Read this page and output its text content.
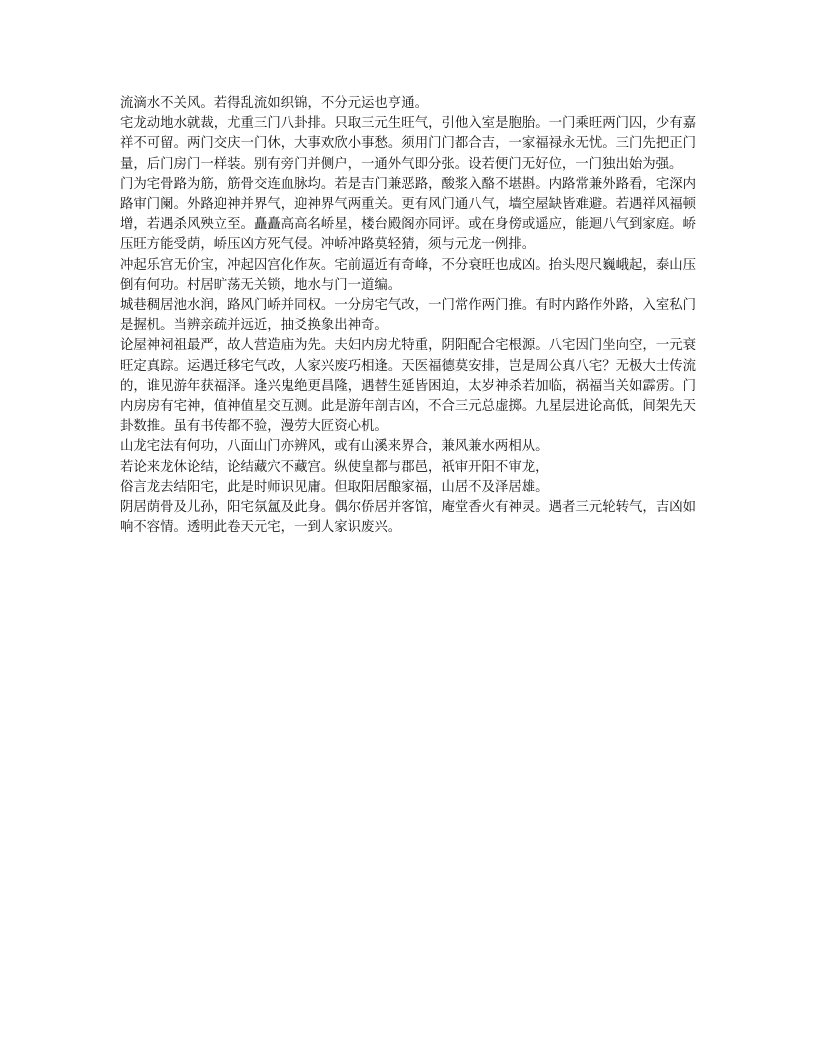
流滴水不关风。若得乱流如织锦，不分元运也亨通。

宅龙动地水就裁，尤重三门八卦排。只取三元生旺气，引他入室是胞胎。一门乘旺两门囚，少有嘉祥不可留。两门交庆一门休，大事欢欣小事愁。须用门门都合吉，一家福禄永无忧。三门先把正门量，后门房门一样装。别有旁门并侧户，一通外气即分张。设若便门无好位，一门独出始为强。

门为宅骨路为筋，筋骨交连血脉均。若是吉门兼恶路，酸浆入酪不堪斟。内路常兼外路看，宅深内路审门阑。外路迎神并界气，迎神界气两重关。更有风门通八气，墙空屋缺皆难避。若遇祥风福顿增，若遇杀风殃立至。矗矗高高名峤星，楼台殿阁亦同评。或在身傍或遥应，能迴八气到家庭。峤压旺方能受荫，峤压凶方死气侵。冲峤冲路莫轻猜，须与元龙一例排。

冲起乐宫无价宝，冲起囚宫化作灰。宅前逼近有奇峰，不分衰旺也成凶。抬头咫尺巍峨起，泰山压倒有何功。村居旷荡无关锁，地水与门一道编。

城巷稠居池水润，路风门峤并同权。一分房宅气改，一门常作两门推。有时内路作外路，入室私门是握机。当辨亲疏并远近，抽爻换象出神奇。

论屋神祠祖最严，故人营造庙为先。夫妇内房尤特重，阴阳配合宅根源。八宅因门坐向空，一元衰旺定真踪。运遇迁移宅气改，人家兴废巧相逢。天医福德莫安排，岂是周公真八宅？无极大士传流的，谁见游年获福泽。逢兴鬼绝更昌隆，遇替生延皆困迫，太岁神杀若加临，祸福当关如霹雳。门内房房有宅神，值神值星交互测。此是游年剖吉凶，不合三元总虚掷。九星层进论高低，间架先天卦数推。虽有书传都不验，漫劳大匠资心机。

山龙宅法有何功，八面山门亦辨风，或有山溪来界合，兼风兼水两相从。

若论来龙休论结，论结藏穴不藏宫。纵使皇都与郡邑，祇审开阳不审龙，

俗言龙去结阳宅，此是时师识见庸。但取阳居酿家福，山居不及泽居雄。

阴居荫骨及儿孙，阳宅氛氲及此身。偶尔侨居并客馆，庵堂香火有神灵。遇者三元轮转气，吉凶如响不容情。透明此卷天元宅，一到人家识废兴。
